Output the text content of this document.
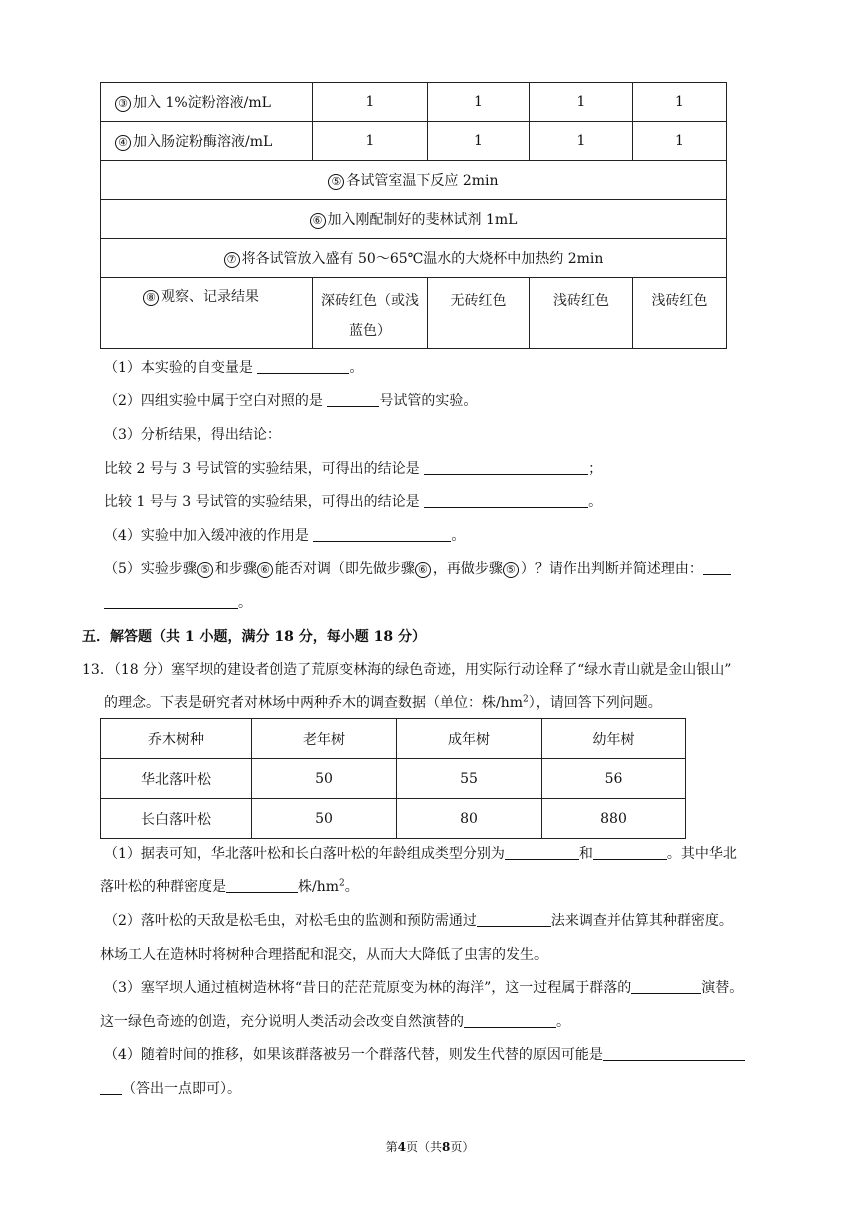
③ 加入 1%淀粉溶液/mL	1	1	1	1
④ 加入肠淀粉酶溶液/mL	1	1	1	1
⑤ 各试管室温下反应 2min				
⑥ 加入刚配制好的斐林试剂 1mL				
⑦ 将各试管放入盛有 50～65℃温水的大烧杯中加热约 2min				
⑧ 观察、记录结果	深砖红色（或浅蓝色）	无砖红色	浅砖红色	浅砖红色
（1）本实验的自变量是	。
（2）四组实验中属于空白对照的是	号试管的实验。
（3）分析结果，得出结论：
比较 2 号与 3 号试管的实验结果，可得出的结论是	；
比较 1 号与 3 号试管的实验结果，可得出的结论是	。
（4）实验中加入缓冲液的作用是	。
（5）实验步骤 ⑤ 和步骤 ⑥ 能否对调（即先做步骤 ⑥ ，再做步骤 ⑤ ）？请作出判断并简述理由：
。
五．解答题（共 1 小题，满分 18 分，每小题 18 分）
13．（18 分）塞罕坝的建设者创造了荒原变林海的绿色奇迹，用实际行动诠释了“绿水青山就是金山银山”
的理念。下表是研究者对林场中两种乔木的调查数据（单位：株$/hm^2$），请回答下列问题。
乔木树种	老年树	成年树	幼年树
华北落叶松	50	55	56
长白落叶松	50	80	880
（1）据表可知，华北落叶松和长白落叶松的年龄组成类型分别为	和	。其中华北
落叶松的种群密度是	株$/hm^2$。
（2）落叶松的天敌是松毛虫，对松毛虫的监测和预防需通过	法来调查并估算其种群密度。
林场工人在造林时将树种合理搭配和混交，从而大大降低了虫害的发生。
（3）塞罕坝人通过植树造林将“昔日的茫茫荒原变为林的海洋”，这一过程属于群落的	演替。
这一绿色奇迹的创造，充分说明人类活动会改变自然演替的	。
（4）随着时间的推移，如果该群落被另一个群落代替，则发生代替的原因可能是
（答出一点即可）。
第4页（共8页）
